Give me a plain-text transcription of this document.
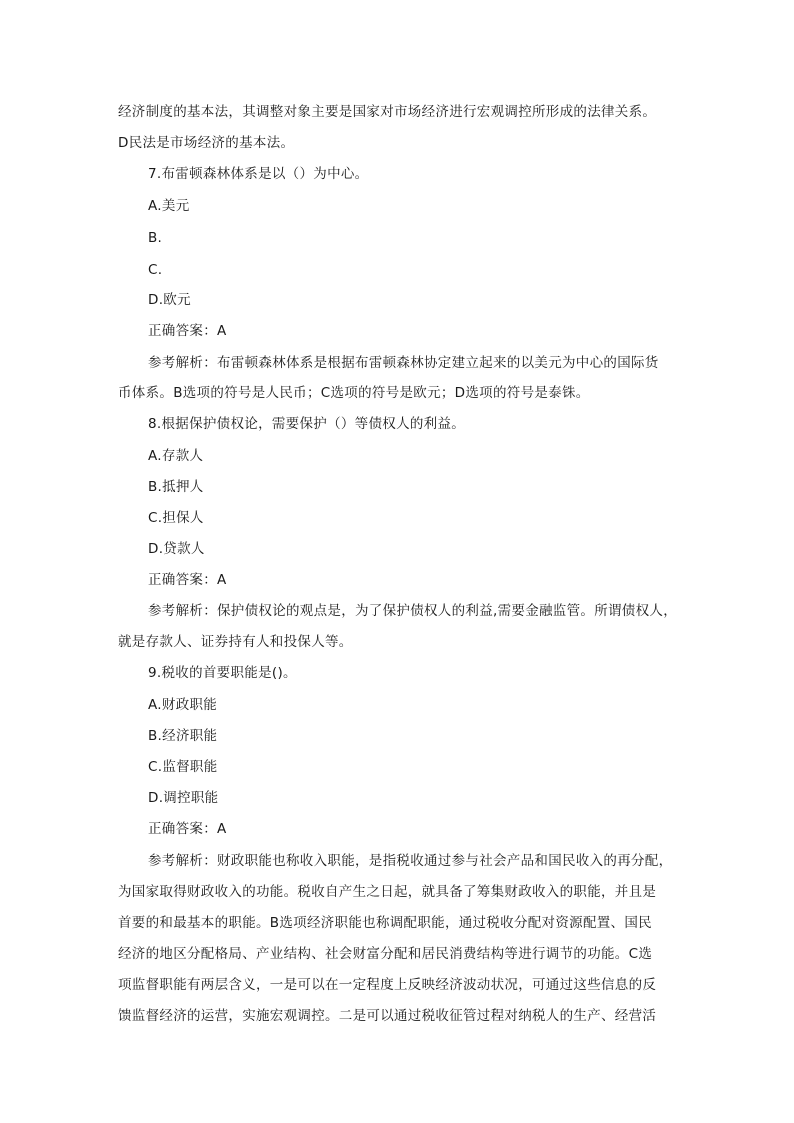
经济制度的基本法，其调整对象主要是国家对市场经济进行宏观调控所形成的法律关系。
D民法是市场经济的基本法。
7.布雷顿森林体系是以（）为中心。
A.美元
B.
C.
D.欧元
正确答案：A
参考解析：布雷顿森林体系是根据布雷顿森林协定建立起来的以美元为中心的国际货
币体系。B选项的符号是人民币；C选项的符号是欧元；D选项的符号是泰铢。
8.根据保护债权论，需要保护（）等债权人的利益。
A.存款人
B.抵押人
C.担保人
D.贷款人
正确答案：A
参考解析：保护债权论的观点是，为了保护债权人的利益,需要金融监管。所谓债权人，
就是存款人、证券持有人和投保人等。
9.税收的首要职能是()。
A.财政职能
B.经济职能
C.监督职能
D.调控职能
正确答案：A
参考解析：财政职能也称收入职能，是指税收通过参与社会产品和国民收入的再分配，
为国家取得财政收入的功能。税收自产生之日起，就具备了筹集财政收入的职能，并且是
首要的和最基本的职能。B选项经济职能也称调配职能，通过税收分配对资源配置、国民
经济的地区分配格局、产业结构、社会财富分配和居民消费结构等进行调节的功能。C选
项监督职能有两层含义，一是可以在一定程度上反映经济波动状况，可通过这些信息的反
馈监督经济的运营，实施宏观调控。二是可以通过税收征管过程对纳税人的生产、经营活
